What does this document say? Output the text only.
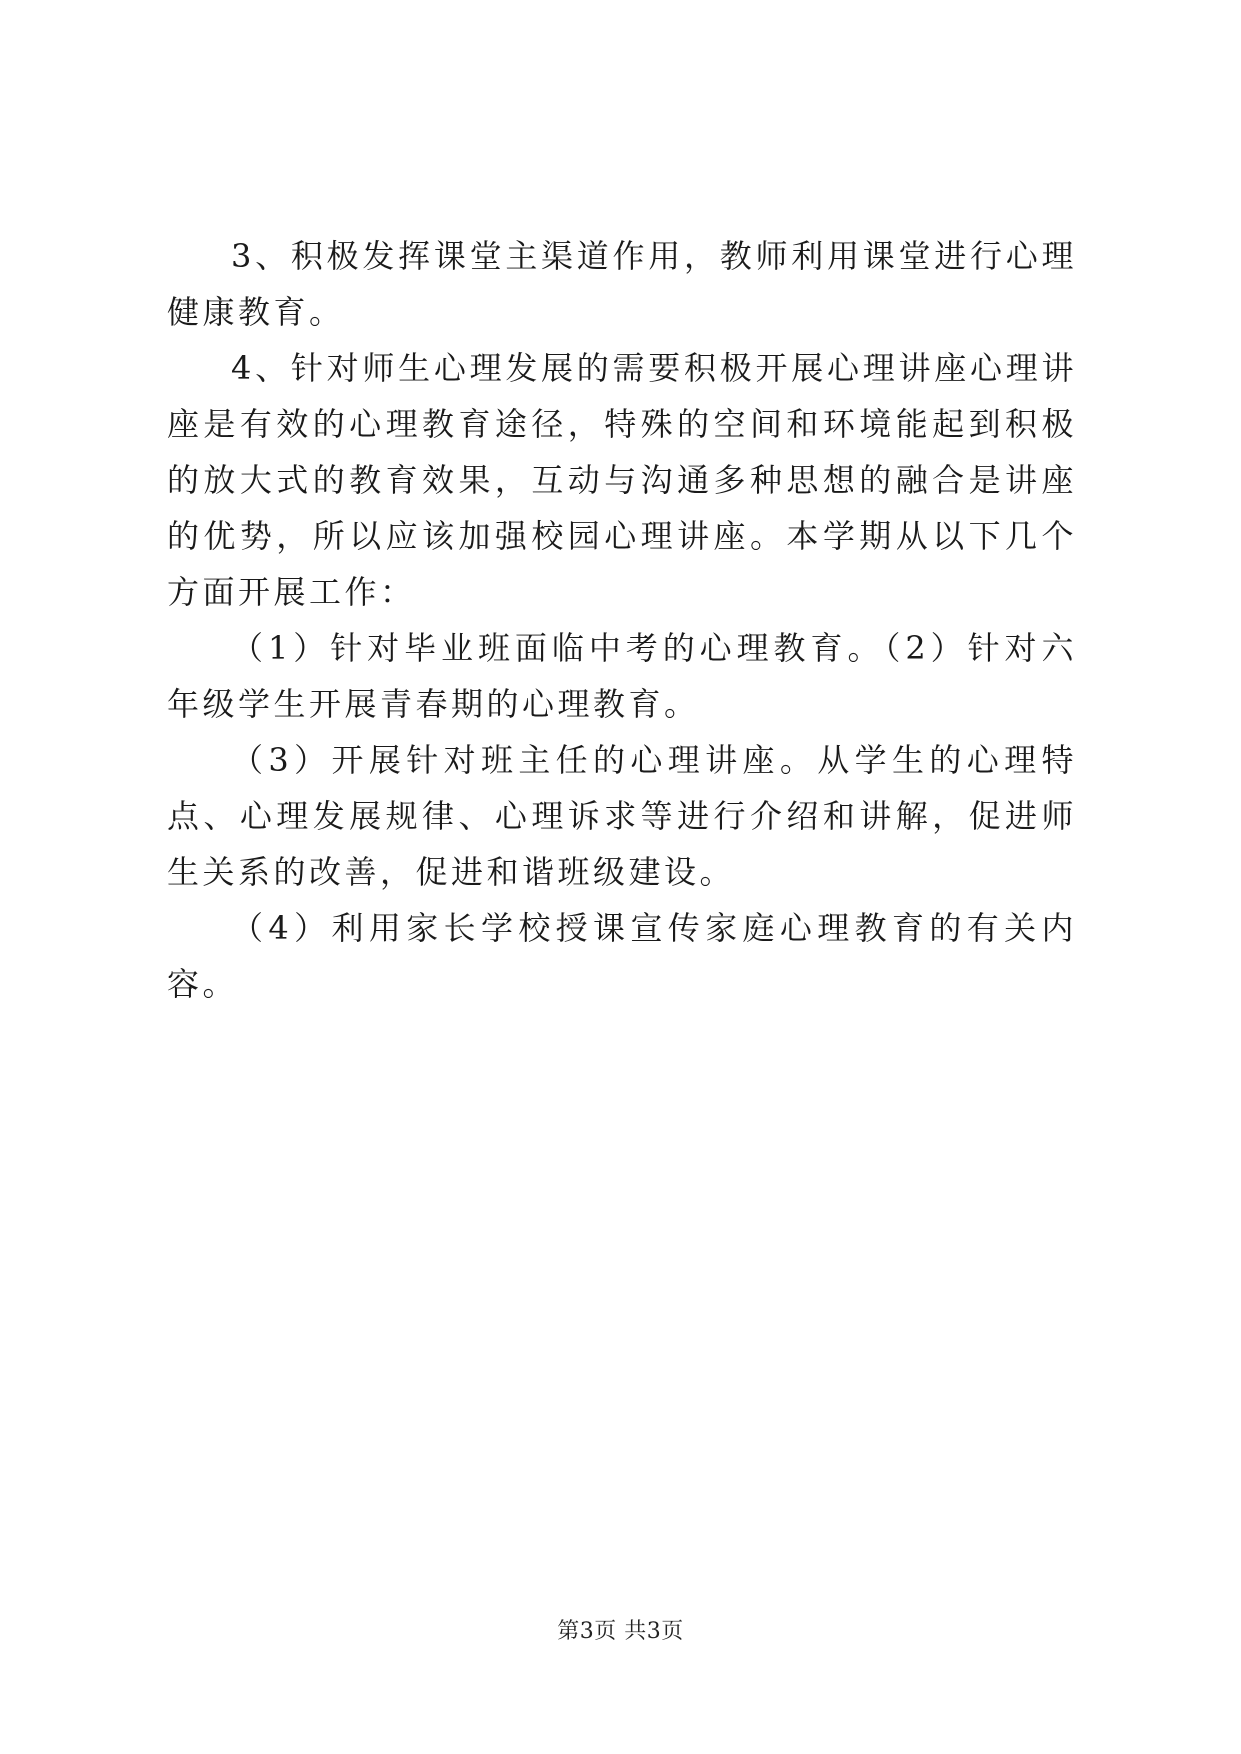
3、积极发挥课堂主渠道作用，教师利用课堂进行心理健康教育。

4、针对师生心理发展的需要积极开展心理讲座心理讲座是有效的心理教育途径，特殊的空间和环境能起到积极的放大式的教育效果，互动与沟通多种思想的融合是讲座的优势，所以应该加强校园心理讲座。本学期从以下几个方面开展工作：

（1）针对毕业班面临中考的心理教育。（2）针对六年级学生开展青春期的心理教育。

（3）开展针对班主任的心理讲座。从学生的心理特点、心理发展规律、心理诉求等进行介绍和讲解，促进师生关系的改善，促进和谐班级建设。

（4）利用家长学校授课宣传家庭心理教育的有关内容。

第3页 共3页
